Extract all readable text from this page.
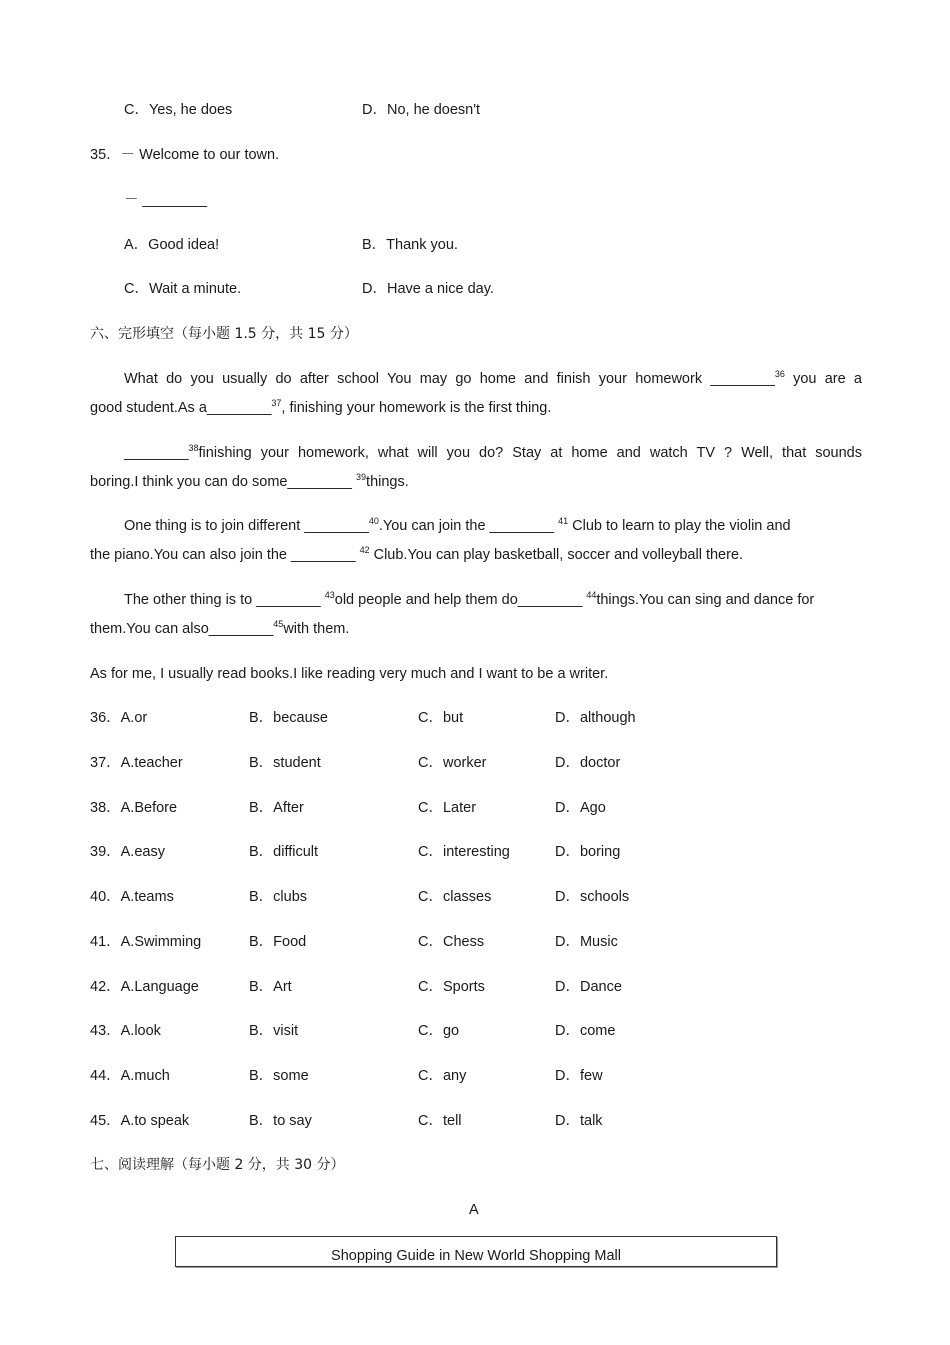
C．Yes, he does	D．No, he doesn't
35．－ Welcome to our town.
－ ________
A．Good idea!	B．Thank you.
C．Wait a minute.	D．Have a nice day.
六、完形填空（每小题 1.5 分，共 15 分）
What do you usually do after school You may go home and finish your homework ________$^{36}$ you are a
good student.As a________$^{37}$, finishing your homework is the first thing.
________$^{38}$finishing your homework, what will you do? Stay at home and watch TV ? Well, that sounds
boring.I think you can do some________ $^{39}$things.
One thing is to join different ________$^{40}$.You can join the ________ $^{41}$ Club to learn to play the violin and
the piano.You can also join the ________ $^{42}$ Club.You can play basketball, soccer and volleyball there.
The other thing is to ________ $^{43}$old people and help them do________ $^{44}$things.You can sing and dance for
them.You can also________$^{45}$with them.
As for me, I usually read books.I like reading very much and I want to be a writer.
36．A.or	B．because	C．but	D．although
37．A.teacher	B．student	C．worker	D．doctor
38．A.Before	B．After	C．Later	D．Ago
39．A.easy	B．difficult	C．interesting	D．boring
40．A.teams	B．clubs	C．classes	D．schools
41．A.Swimming	B．Food	C．Chess	D．Music
42．A.Language	B．Art	C．Sports	D．Dance
43．A.look	B．visit	C．go	D．come
44．A.much	B．some	C．any	D．few
45．A.to speak	B．to say	C．tell	D．talk
七、阅读理解（每小题 2 分，共 30 分）
A
Shopping Guide in New World Shopping Mall
